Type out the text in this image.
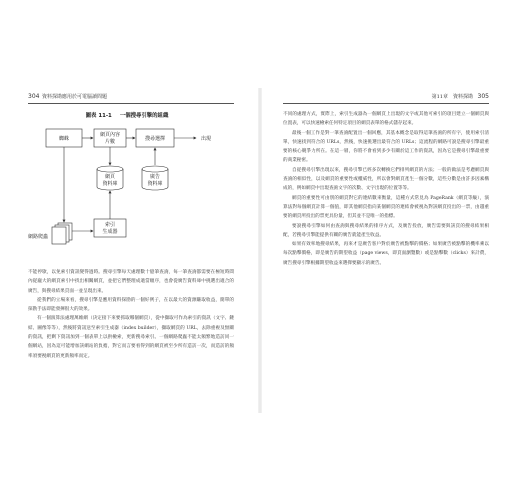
304 資料探勘應用於可電腦讀問題
圖表 11-1 一個搜尋引擎的組織
蜘蛛
網頁內容
片數	搜尋選擇	出現
網頁
資料庫
廣告
資料庫
網路爬蟲
索引
生成器

不能停歇，以免索引資訊變得過時。搜尋引擎每天處理數十億筆查詢，每一筆查詢都需要在極短時間內從龐大的網頁索引中找出相關網頁，並把它們整理成適當順序，也會從廣告資料庫中挑選出適合的廣告，與搜尋結果頁面一並呈現出來。

從我們的立場來看，搜尋引擎是應用資料探勘的一個好例子，在以最大的資源賺取收益，簡單的探勘手法即能發揮很大的效果。

有一個演算法處理萬維網（決定接下來要抓取哪個網頁），從中擷取可作為索引的資訊（文字、鏈結、圖像等等），然後將資訊送至索引生成器（index builder），擷取網頁的 URL，去除重複及無關的資訊，把剩下資訊加到一個表單上以供檢索，更新搜尋索引。一個網路爬蟲不能太頻繁地造訪同一個網站，因為這可能增加該網站的負擔，對它而言要看得到的網頁被至少所有造訪一次，而造訪的頻率須要視網頁的更新頻率而定。

第11章　資料探勘 305

不同的處理方式，實際上，索引生成器為一個網頁上出現的文字或其他可索引的項目建立一個網頁與位置表，可以快速檢索任何特定項目的網頁表單的格式儲存起來。

最後一個工作是對一筆查詢配置出一個回應，其基本概念是取得這筆查詢的所有字，使用索引清單，快速找到符合的 URLs，然後，快速挑選出最符合的 URLs；這流程的網路可說是搜尋引擎最重要的核心競爭力所在。在這一層，你將不會看到多少有關於這工作的資訊，因為它是搜尋引擎最重要的商業秘密。

自從搜尋引擎出現以來，搜尋引擎已經多次轉換它們排列網頁的方法；一般的做法是考慮網頁與查詢的相似性，以及網頁的重要性或權威性，所以會對網頁產生一個分數，這些分數是由許多因素構成的，例如網頁中出現查詢文字的次數、文字出現的位置等等。

網頁的重要性可由別的網頁對它的連結數來衡量，這種方式常見為 PageRank（網頁等級），演算法對每個網頁計算一個值，即其他網頁指向某個網頁的連結會被視為對該網頁投出的一票，由越重要的網頁所投出的票更具份量，但其並不是唯一的指標。

要說搜尋引擎如何由查詢與搜尋結果的排序方式，及廣告投放，廣告需要與該頁的搜尋結果相配，若搜尋引擎能提供有關的廣告就能產生收益。

如果有效率地搜尋結果，再來才是廣告客戶對於廣告被點擊的價格；如果廣告被點擊的機率乘以每次點擊價格，即是廣告的期望收益（page views，即頁面瀏覽數）或是點擊數（clicks）來計費，廣告搜尋引擎根據期望收益來選擇要顯示的廣告。
